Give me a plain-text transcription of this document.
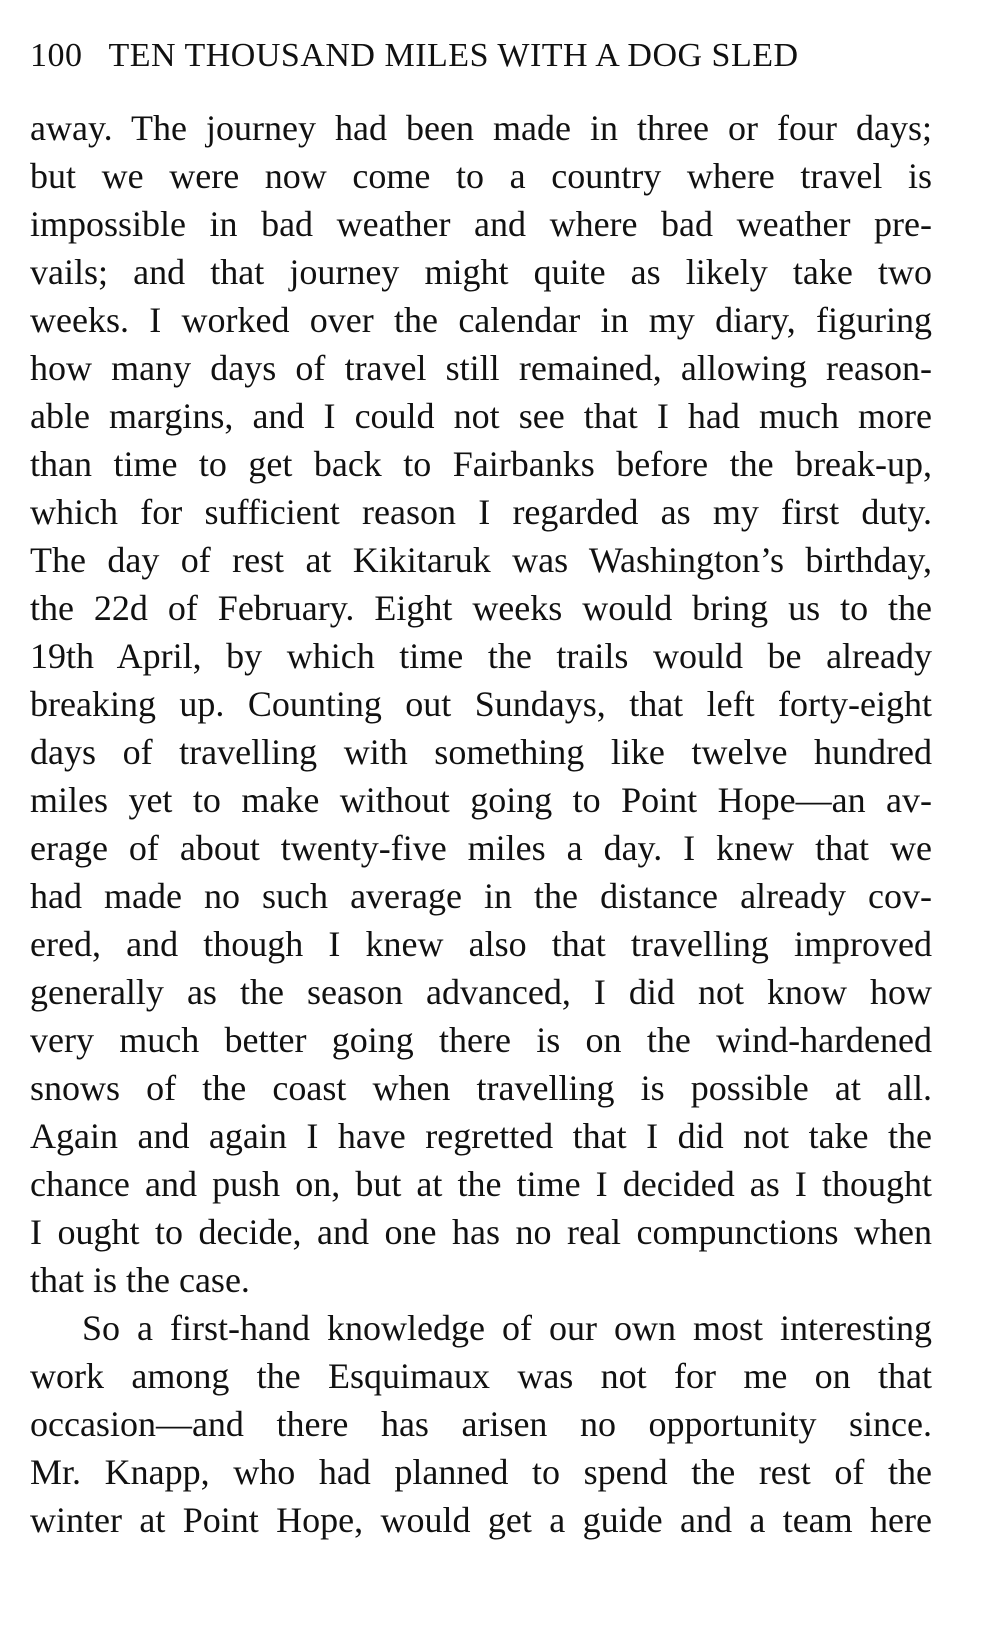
100 TEN THOUSAND MILES WITH A DOG SLED
away. The journey had been made in three or four days;
but we were now come to a country where travel is
impossible in bad weather and where bad weather pre-
vails; and that journey might quite as likely take two
weeks. I worked over the calendar in my diary, figuring
how many days of travel still remained, allowing reason-
able margins, and I could not see that I had much more
than time to get back to Fairbanks before the break-up,
which for sufficient reason I regarded as my first duty.
The day of rest at Kikitaruk was Washington’s birthday,
the 22d of February. Eight weeks would bring us to the
19th April, by which time the trails would be already
breaking up. Counting out Sundays, that left forty-eight
days of travelling with something like twelve hundred
miles yet to make without going to Point Hope—an av-
erage of about twenty-five miles a day. I knew that we
had made no such average in the distance already cov-
ered, and though I knew also that travelling improved
generally as the season advanced, I did not know how
very much better going there is on the wind-hardened
snows of the coast when travelling is possible at all.
Again and again I have regretted that I did not take the
chance and push on, but at the time I decided as I thought
I ought to decide, and one has no real compunctions when
that is the case.
So a first-hand knowledge of our own most interesting
work among the Esquimaux was not for me on that
occasion—and there has arisen no opportunity since.
Mr. Knapp, who had planned to spend the rest of the
winter at Point Hope, would get a guide and a team here
